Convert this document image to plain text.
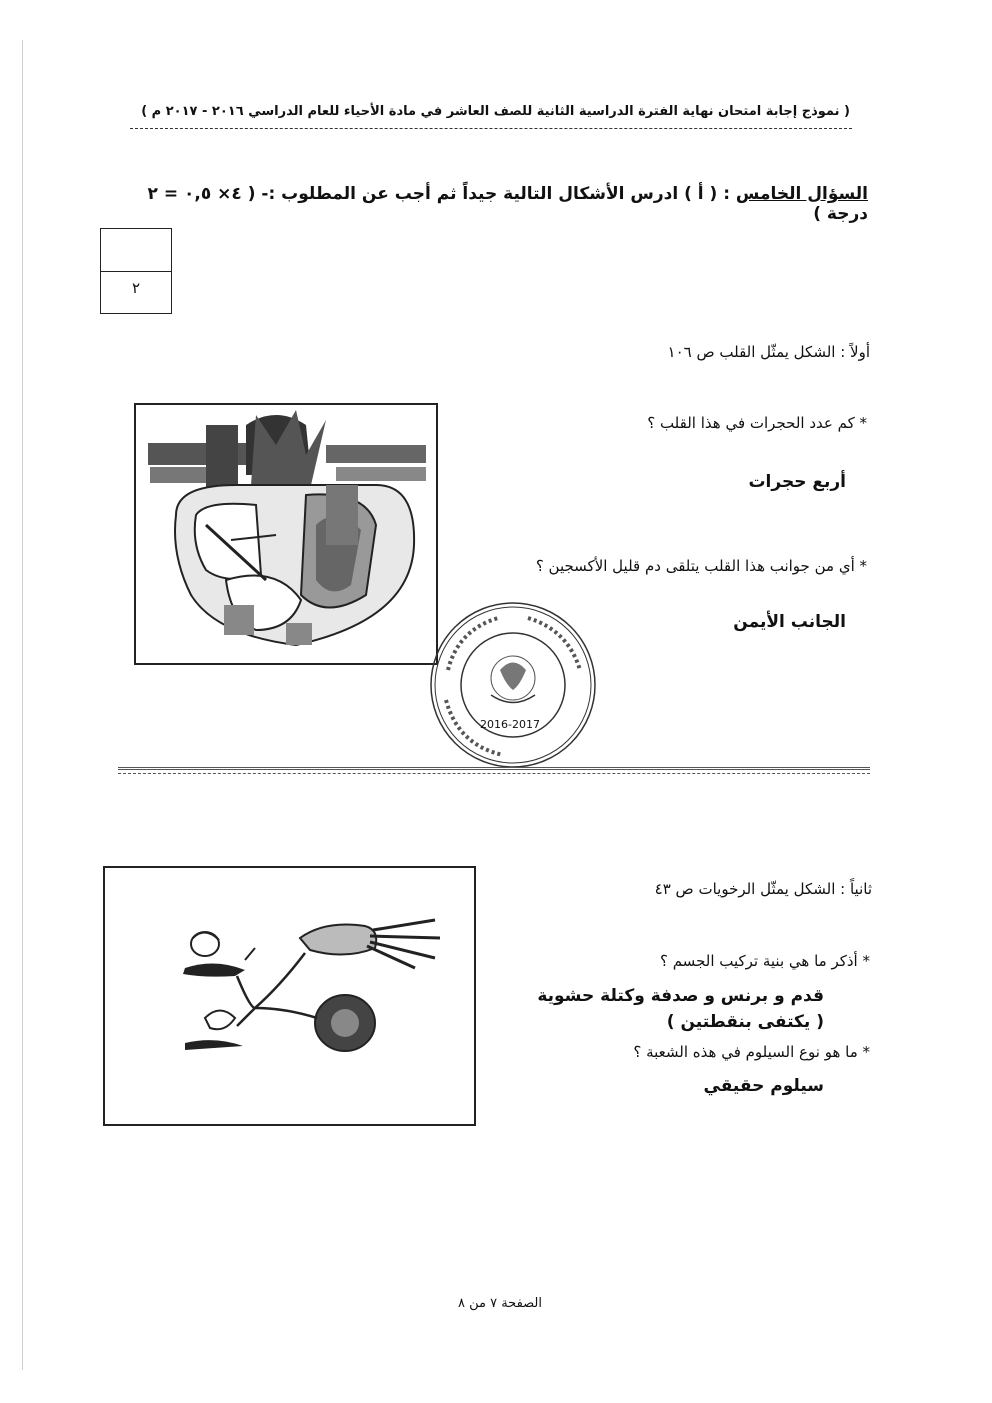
( نموذج إجابة امتحان نهاية الفترة الدراسية الثانية للصف العاشر في مادة الأحياء للعام الدراسي ٢٠١٦ - ٢٠١٧ م )
السؤال الخامس : ( أ ) ادرس الأشكال التالية جيداً ثم أجب عن المطلوب :- ( ٤× ٠,٥ = ٢ درجة )
٢
أولاً : الشكل يمثّل القلب ص ١٠٦
* كم عدد الحجرات في هذا القلب ؟
أربع حجرات
* أي من جوانب هذا القلب يتلقى دم قليل الأكسجين ؟
الجانب الأيمن
2016-2017
ثانياً : الشكل يمثّل الرخويات ص ٤٣
* أذكر ما هي بنية تركيب الجسم ؟
قدم و برنس و صدفة وكتلة حشوية
( يكتفى بنقطتين )
* ما هو نوع السيلوم في هذه الشعبة ؟
سيلوم حقيقي
الصفحة ٧ من ٨
